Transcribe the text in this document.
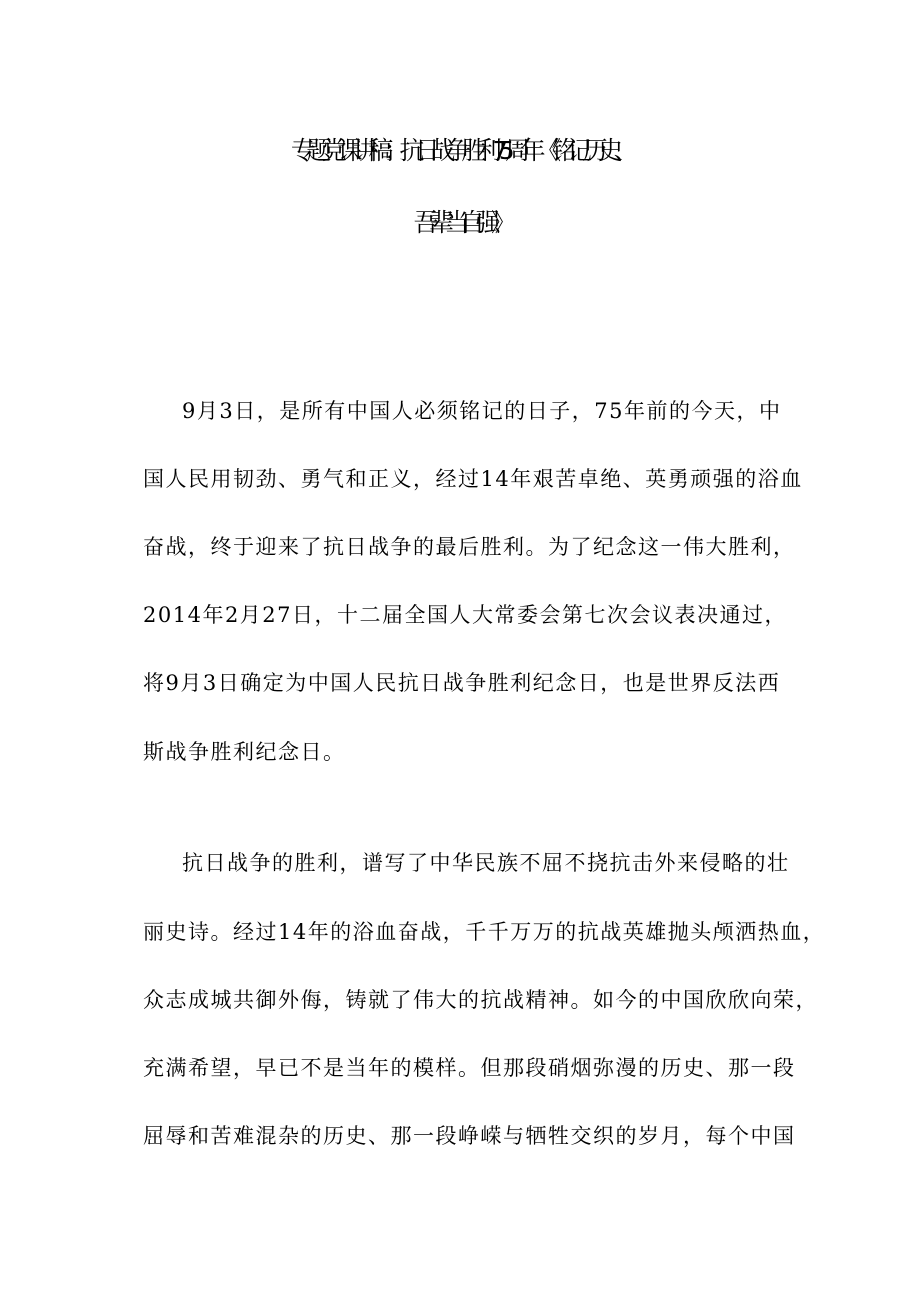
专题党课讲稿：抗日战争胜利75周年《铭记历史、
吾辈当自强》
9月3日，是所有中国人必须铭记的日子，75年前的今天，中
国人民用韧劲、勇气和正义，经过14年艰苦卓绝、英勇顽强的浴血
奋战，终于迎来了抗日战争的最后胜利。为了纪念这一伟大胜利，
2014年2月27日，十二届全国人大常委会第七次会议表决通过，
将9月3日确定为中国人民抗日战争胜利纪念日，也是世界反法西
斯战争胜利纪念日。
抗日战争的胜利，谱写了中华民族不屈不挠抗击外来侵略的壮
丽史诗。经过14年的浴血奋战，千千万万的抗战英雄抛头颅洒热血，
众志成城共御外侮，铸就了伟大的抗战精神。如今的中国欣欣向荣，
充满希望，早已不是当年的模样。但那段硝烟弥漫的历史、那一段
屈辱和苦难混杂的历史、那一段峥嵘与牺牲交织的岁月，每个中国
